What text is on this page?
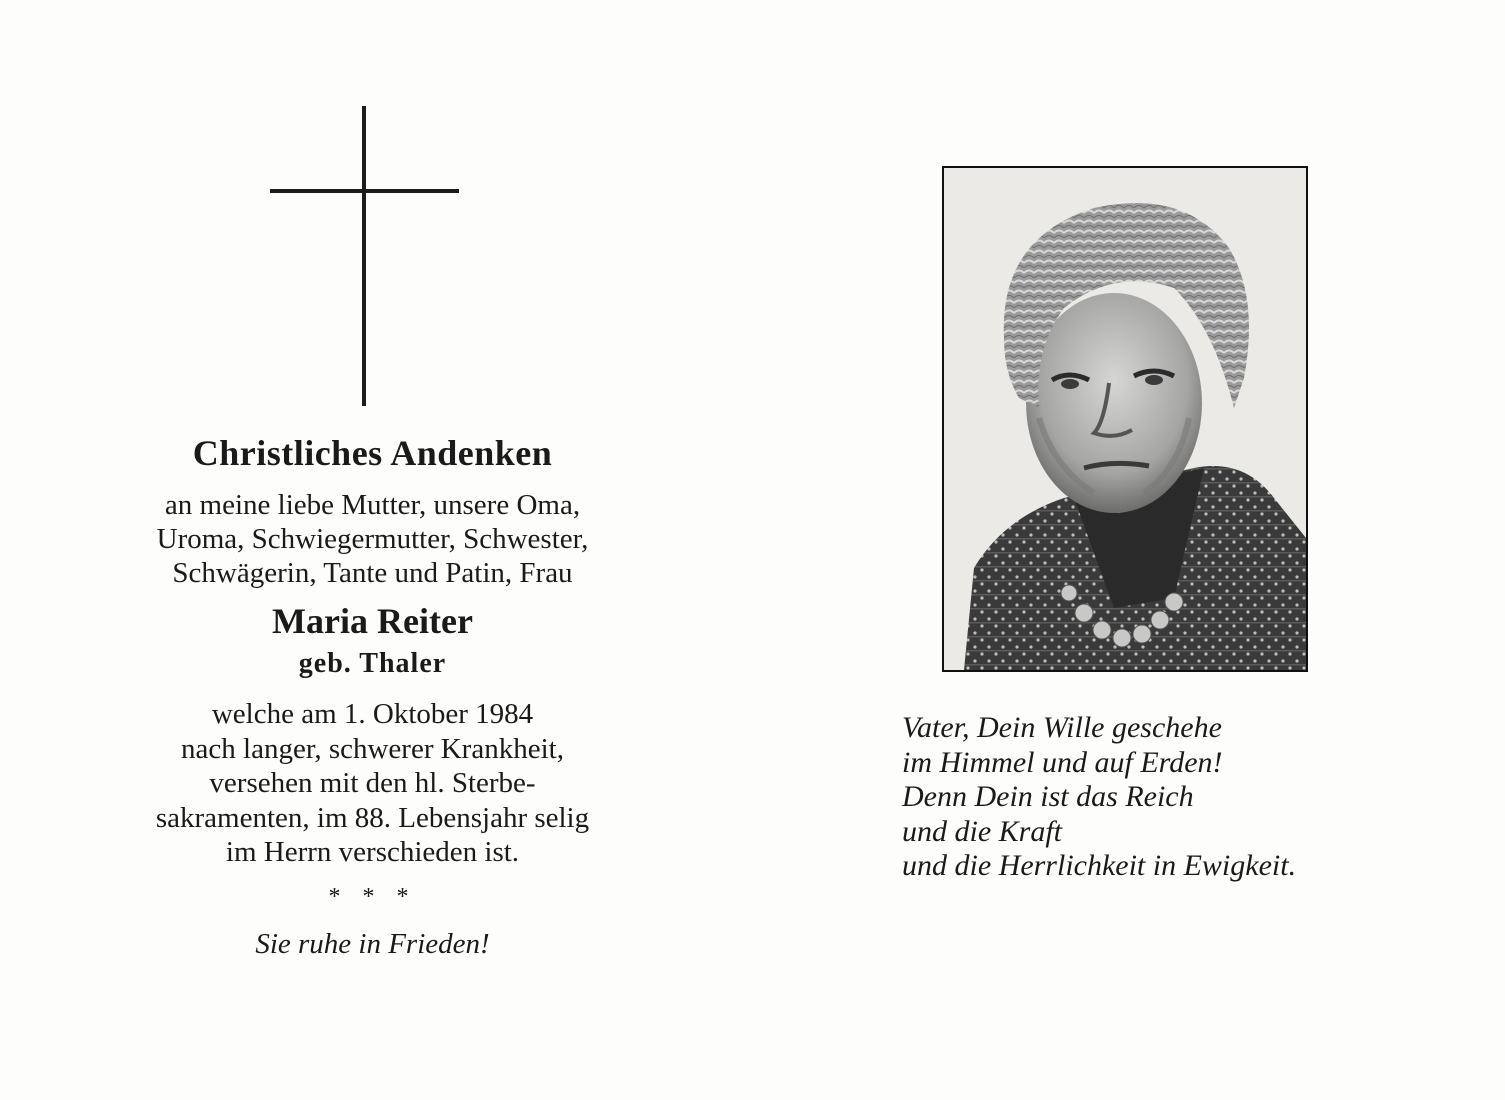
Christliches Andenken
an meine liebe Mutter, unsere Oma,
Uroma, Schwiegermutter, Schwester,
Schwägerin, Tante und Patin, Frau
Maria Reiter
geb. Thaler
welche am 1. Oktober 1984
nach langer, schwerer Krankheit,
versehen mit den hl. Sterbe-
sakramenten, im 88. Lebensjahr selig
im Herrn verschieden ist.
* * *
Sie ruhe in Frieden!
Vater, Dein Wille geschehe
im Himmel und auf Erden!
Denn Dein ist das Reich
und die Kraft
und die Herrlichkeit in Ewigkeit.
